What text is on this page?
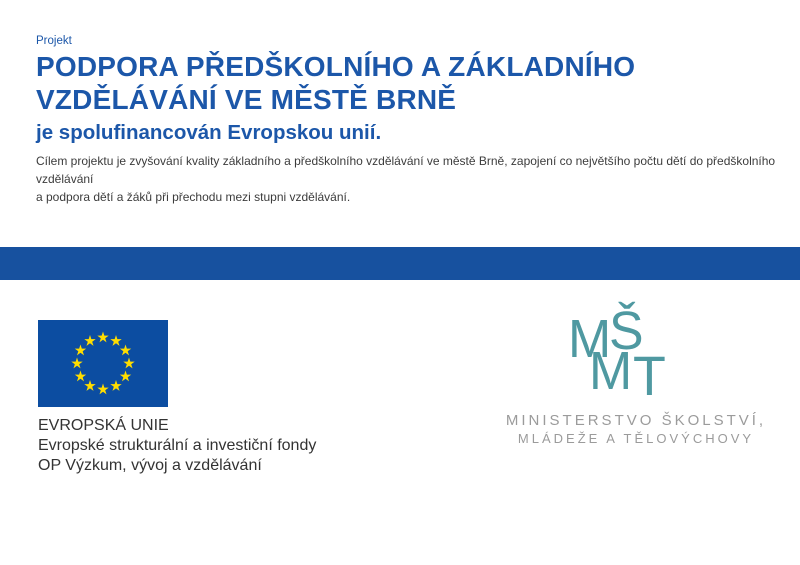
Projekt
PODPORA PŘEDŠKOLNÍHO A ZÁKLADNÍHO
VZDĚLÁVÁNÍ VE MĚSTĚ BRNĚ
je spolufinancován Evropskou unií.

Cílem projektu je zvyšování kvality základního a předškolního vzdělávání ve městě Brně, zapojení co největšího počtu dětí do předškolního vzdělávání
a podpora dětí a žáků při přechodu mezi stupni vzdělávání.

EVROPSKÁ UNIE
Evropské strukturální a investiční fondy
OP Výzkum, vývoj a vzdělávání
M
Š
M T
MINISTERSTVO ŠKOLSTVÍ,
MLÁDEŽE A TĚLOVÝCHOVY
